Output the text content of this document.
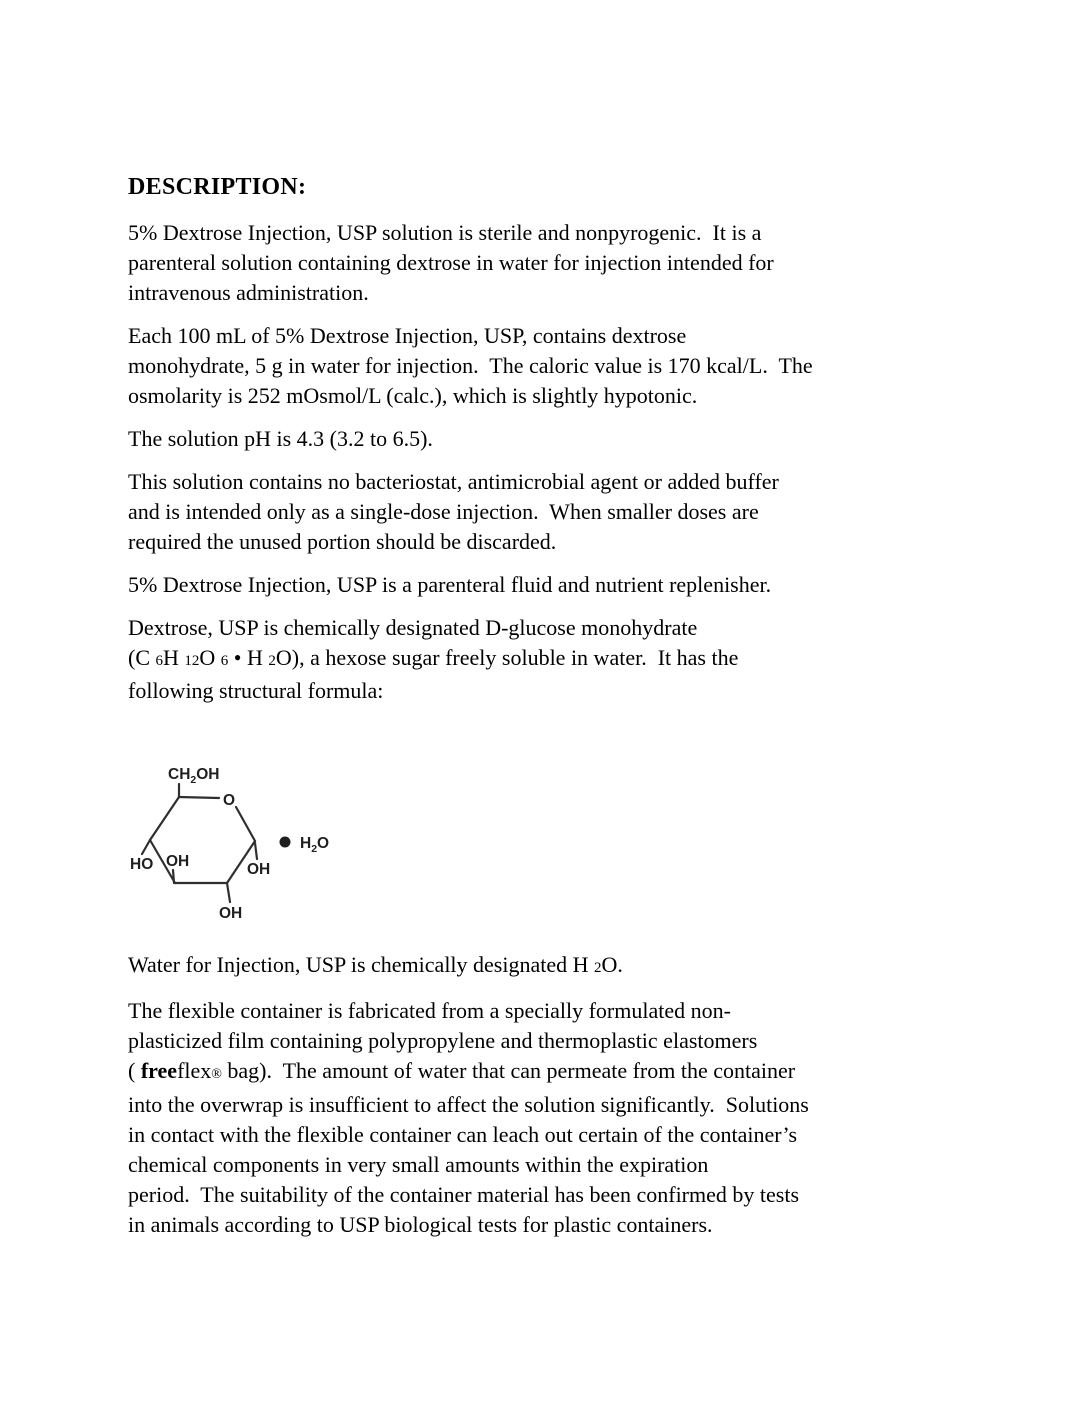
DESCRIPTION:
5% Dextrose Injection, USP solution is sterile and nonpyrogenic.  It is a
parenteral solution containing dextrose in water for injection intended for
intravenous administration.
Each 100 mL of 5% Dextrose Injection, USP, contains dextrose
monohydrate, 5 g in water for injection.  The caloric value is 170 kcal/L.  The
osmolarity is 252 mOsmol/L (calc.), which is slightly hypotonic.
The solution pH is 4.3 (3.2 to 6.5).
This solution contains no bacteriostat, antimicrobial agent or added buffer
and is intended only as a single-dose injection.  When smaller doses are
required the unused portion should be discarded.
5% Dextrose Injection, USP is a parenteral fluid and nutrient replenisher.
Dextrose, USP is chemically designated D-glucose monohydrate
(C 6H 12O 6 • H 2O), a hexose sugar freely soluble in water.  It has the
following structural formula:
$CH_2OH$
O
HO OH	OH
OH
$H_2O$
Water for Injection, USP is chemically designated H 2O.
The flexible container is fabricated from a specially formulated non-
plasticized film containing polypropylene and thermoplastic elastomers
( freeflex® bag).  The amount of water that can permeate from the container
into the overwrap is insufficient to affect the solution significantly.  Solutions
in contact with the flexible container can leach out certain of the container’s
chemical components in very small amounts within the expiration
period.  The suitability of the container material has been confirmed by tests
in animals according to USP biological tests for plastic containers.
